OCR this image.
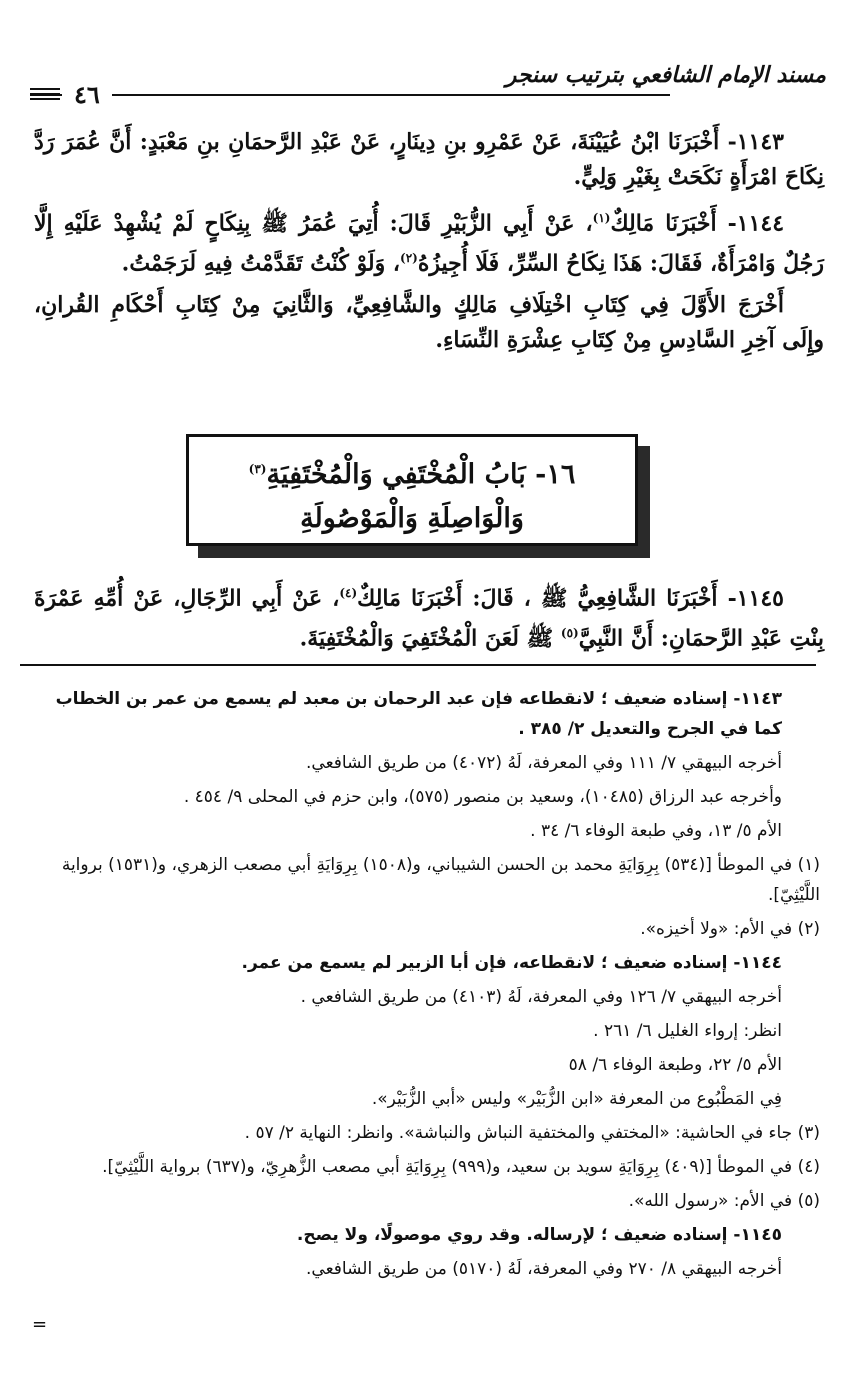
مسند الإمام الشافعي بترتيب سنجر
٤٦

١١٤٣- أَخْبَرَنَا ابْنُ عُيَيْنَةَ، عَنْ عَمْرِو بنِ دِينَارٍ، عَنْ عَبْدِ الرَّحمَانِ بنِ مَعْبَدٍ: أَنَّ عُمَرَ رَدَّ نِكَاحَ امْرَأَةٍ نَكَحَتْ بِغَيْرِ وَلِيٍّ.

١١٤٤- أَخْبَرَنَا مَالِكٌ$^{(١)}$، عَنْ أَبِي الزُّبَيْرِ قَالَ: أُتِيَ عُمَرُ ﷺ بِنِكَاحٍ لَمْ يُشْهِدْ عَلَيْهِ إِلَّا رَجُلٌ وَامْرَأَةٌ، فَقَالَ: هَذَا نِكَاحُ السِّرِّ، فَلَا أُجِيزُهُ$^{(٢)}$، وَلَوْ كُنْتُ تَقَدَّمْتُ فِيهِ لَرَجَمْتُ.

أَخْرَجَ الأَوَّلَ فِي كِتَابِ اخْتِلَافِ مَالِكٍ والشَّافِعِيِّ، وَالثَّانِيَ مِنْ كِتَابِ أَحْكَامِ القُرانِ، وإِلَى آخِرِ السَّادِسِ مِنْ كِتَابِ عِشْرَةِ النِّسَاءِ.

١٦- بَابُ الْمُخْتَفِي وَالْمُخْتَفِيَةِ$^{(٣)}$
وَالْوَاصِلَةِ وَالْمَوْصُولَةِ

١١٤٥- أَخْبَرَنَا الشَّافِعِيُّ ﷺ ، قَالَ: أَخْبَرَنَا مَالِكٌ$^{(٤)}$، عَنْ أَبِي الرِّجَالِ، عَنْ أُمِّهِ عَمْرَةَ بِنْتِ عَبْدِ الرَّحمَانِ: أَنَّ النَّبِيَّ$^{(٥)}$ ﷺ لَعَنَ الْمُخْتَفِيَ وَالْمُخْتَفِيَةَ.

١١٤٣- إسناده ضعيف ؛ لانقطاعه فإن عبد الرحمان بن معبد لم يسمع من عمر بن الخطاب كما في الجرح والتعديل ٢/ ٣٨٥ .

أخرجه البيهقي ٧/ ١١١ وفي المعرفة، لَهُ (٤٠٧٢) من طريق الشافعي.

وأخرجه عبد الرزاق (١٠٤٨٥)، وسعيد بن منصور (٥٧٥)، وابن حزم في المحلى ٩/ ٤٥٤ .

الأم ٥/ ١٣، وفي طبعة الوفاء ٦/ ٣٤ .

(١) في الموطأ [(٥٣٤) بِرِوَايَةِ محمد بن الحسن الشيباني، و(١٥٠٨) بِرِوَايَةِ أبي مصعب الزهري، و(١٥٣١) برواية اللَّيْثِيّ].

(٢) في الأم: «ولا أخيزه».

١١٤٤- إسناده ضعيف ؛ لانقطاعه، فإن أبا الزبير لم يسمع من عمر.

أخرجه البيهقي ٧/ ١٢٦ وفي المعرفة، لَهُ (٤١٠٣) من طريق الشافعي .

انظر: إرواء الغليل ٦/ ٢٦١ .

الأم ٥/ ٢٢، وطبعة الوفاء ٦/ ٥٨

فِي المَطْبُوع من المعرفة «ابن الزُّبَيْر» وليس «أبي الزُّبَيْر».

(٣) جاء في الحاشية: «المختفي والمختفية النباش والنباشة». وانظر: النهاية ٢/ ٥٧ .

(٤) في الموطأ [(٤٠٩) بِرِوَايَةِ سويد بن سعيد، و(٩٩٩) بِرِوَايَةِ أبي مصعب الزُّهرِيّ، و(٦٣٧) برواية اللَّيْثِيّ].

(٥) في الأم: «رسول الله».

١١٤٥- إسناده ضعيف ؛ لإرساله. وقد روي موصولًا، ولا يصح.

أخرجه البيهقي ٨/ ٢٧٠ وفي المعرفة، لَهُ (٥١٧٠) من طريق الشافعي.

=
